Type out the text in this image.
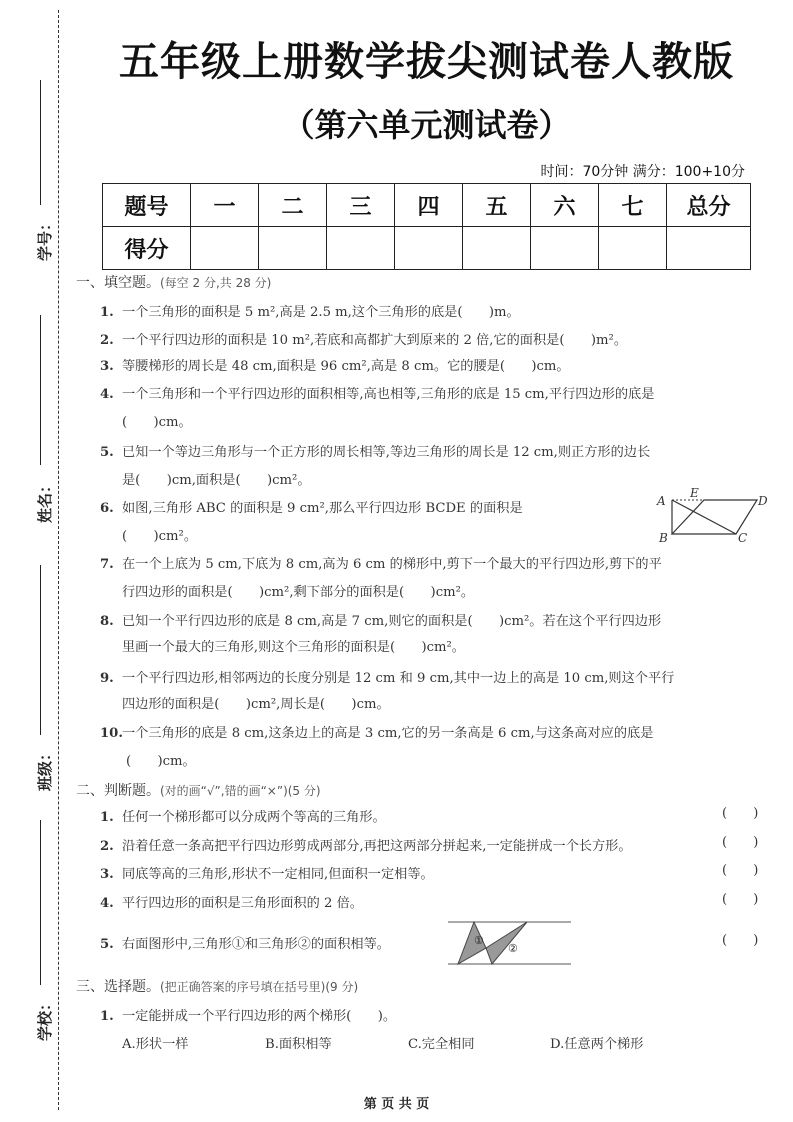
学号：
姓名：
班级：
学校：
五年级上册数学拔尖测试卷人教版
（第六单元测试卷）
时间：70分钟 满分：100+10分
题号	一	二	三	四	五	六	七	总分
得分								
一、填空题。(每空 2 分,共 28 分)
1. 一个三角形的面积是 5 m²,高是 2.5 m,这个三角形的底是(　　)m。
2. 一个平行四边形的面积是 10 m²,若底和高都扩大到原来的 2 倍,它的面积是(　　)m²。
3. 等腰梯形的周长是 48 cm,面积是 96 cm²,高是 8 cm。它的腰是(　　)cm。
4. 一个三角形和一个平行四边形的面积相等,高也相等,三角形的底是 15 cm,平行四边形的底是
(　　)cm。
5. 已知一个等边三角形与一个正方形的周长相等,等边三角形的周长是 12 cm,则正方形的边长
是(　　)cm,面积是(　　)cm²。
6. 如图,三角形 ABC 的面积是 9 cm²,那么平行四边形 BCDE 的面积是
(　　)cm²。
A
B	C
D
E
7. 在一个上底为 5 cm,下底为 8 cm,高为 6 cm 的梯形中,剪下一个最大的平行四边形,剪下的平
行四边形的面积是(　　)cm²,剩下部分的面积是(　　)cm²。
8. 已知一个平行四边形的底是 8 cm,高是 7 cm,则它的面积是(　　)cm²。若在这个平行四边形
里画一个最大的三角形,则这个三角形的面积是(　　)cm²。
9. 一个平行四边形,相邻两边的长度分别是 12 cm 和 9 cm,其中一边上的高是 10 cm,则这个平行
四边形的面积是(　　)cm²,周长是(　　)cm。
10.一个三角形的底是 8 cm,这条边上的高是 3 cm,它的另一条高是 6 cm,与这条高对应的底是
(　　)cm。
二、判断题。(对的画“√”,错的画“×”)(5 分)
1. 任何一个梯形都可以分成两个等高的三角形。	( )
2. 沿着任意一条高把平行四边形剪成两部分,再把这两部分拼起来,一定能拼成一个长方形。	( )
3. 同底等高的三角形,形状不一定相同,但面积一定相等。	( )
4. 平行四边形的面积是三角形面积的 2 倍。	( )
5. 右面图形中,三角形①和三角形②的面积相等。	( )
①
②
三、选择题。(把正确答案的序号填在括号里)(9 分)
1. 一定能拼成一个平行四边形的两个梯形(　　)。
A.形状一样	B.面积相等	C.完全相同	D.任意两个梯形
第 页 共 页
